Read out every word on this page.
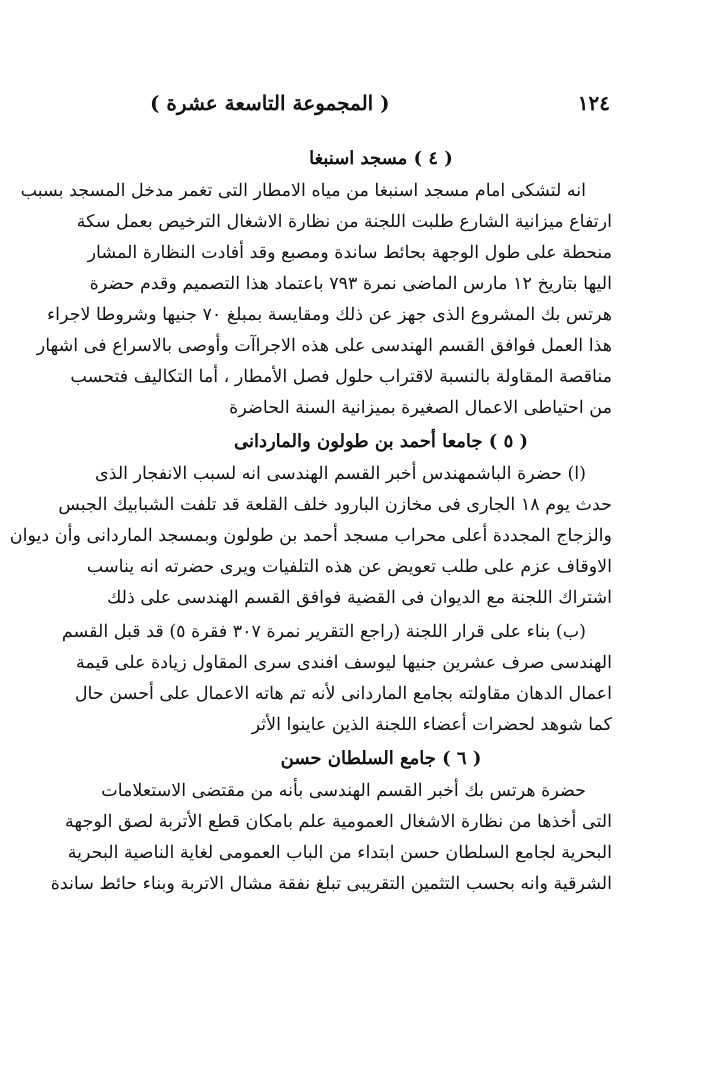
١٢٤
( المجموعة التاسعة عشرة )
( ٤ ) مسجد اسنبغا
انه لتشكى امام مسجد اسنبغا من مياه الامطار التى تغمر مدخل المسجد بسبب
ارتفاع ميزانية الشارع طلبت اللجنة من نظارة الاشغال الترخيص بعمل سكة
منحطة على طول الوجهة بحائط ساندة ومصبع وقد أفادت النظارة المشار
اليها بتاريخ ١٢ مارس الماضى نمرة ٧٩٣ باعتماد هذا التصميم وقدم حضرة
هرتس بك المشروع الذى جهز عن ذلك ومقايسة بمبلغ ٧٠ جنيها وشروطا لاجراء
هذا العمل فوافق القسم الهندسى على هذه الاجراآت وأوصى بالاسراع فى اشهار
مناقصة المقاولة بالنسبة لاقتراب حلول فصل الأمطار ، أما التكاليف فتحسب
من احتياطى الاعمال الصغيرة بميزانية السنة الحاضرة
( ٥ ) جامعا أحمد بن طولون والماردانى
(ا) حضرة الباشمهندس أخبر القسم الهندسى انه لسبب الانفجار الذى
حدث يوم ١٨ الجارى فى مخازن البارود خلف القلعة قد تلفت الشبابيك الجبس
والزجاج المجددة أعلى محراب مسجد أحمد بن طولون وبمسجد الماردانى وأن ديوان
الاوقاف عزم على طلب تعويض عن هذه التلفيات ويرى حضرته انه يناسب
اشتراك اللجنة مع الديوان فى القضية فوافق القسم الهندسى على ذلك
(ب) بناء على قرار اللجنة (راجع التقرير نمرة ٣٠٧ فقرة ٥) قد قبل القسم
الهندسى صرف عشرين جنيها ليوسف افندى سرى المقاول زيادة على قيمة
اعمال الدهان مقاولته بجامع الماردانى لأنه تم هاته الاعمال على أحسن حال
كما شوهد لحضرات أعضاء اللجنة الذين عاينوا الأثر
( ٦ ) جامع السلطان حسن
حضرة هرتس بك أخبر القسم الهندسى بأنه من مقتضى الاستعلامات
التى أخذها من نظارة الاشغال العمومية علم بامكان قطع الأتربة لصق الوجهة
البحرية لجامع السلطان حسن ابتداء من الباب العمومى لغاية الناصية البحرية
الشرقية وانه بحسب التثمين التقريبى تبلغ نفقة مشال الاتربة وبناء حائط ساندة
